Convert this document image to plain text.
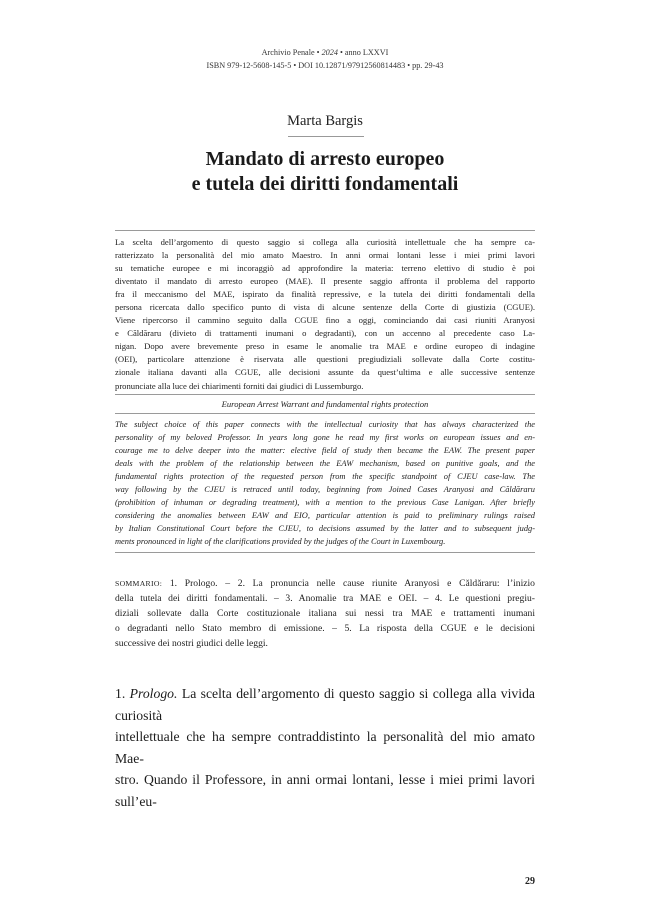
Archivio Penale • 2024 • anno LXXVI
ISBN 979-12-5608-145-5 • DOI 10.12871/97912560814483 • pp. 29-43
Marta Bargis
Mandato di arresto europeo
e tutela dei diritti fondamentali
La scelta dell’argomento di questo saggio si collega alla curiosità intellettuale che ha sempre ca-
ratterizzato la personalità del mio amato Maestro. In anni ormai lontani lesse i miei primi lavori
su tematiche europee e mi incoraggiò ad approfondire la materia: terreno elettivo di studio è poi
diventato il mandato di arresto europeo (MAE). Il presente saggio affronta il problema del rapporto
fra il meccanismo del MAE, ispirato da finalità repressive, e la tutela dei diritti fondamentali della
persona ricercata dallo specifico punto di vista di alcune sentenze della Corte di giustizia (CGUE).
Viene ripercorso il cammino seguito dalla CGUE fino a oggi, cominciando dai casi riuniti Aranyosi
e Căldăraru (divieto di trattamenti inumani o degradanti), con un accenno al precedente caso La-
nigan. Dopo avere brevemente preso in esame le anomalie tra MAE e ordine europeo di indagine
(OEI), particolare attenzione è riservata alle questioni pregiudiziali sollevate dalla Corte costitu-
zionale italiana davanti alla CGUE, alle decisioni assunte da quest’ultima e alle successive sentenze
pronunciate alla luce dei chiarimenti forniti dai giudici di Lussemburgo.
European Arrest Warrant and fundamental rights protection
The subject choice of this paper connects with the intellectual curiosity that has always characterized the
personality of my beloved Professor. In years long gone he read my first works on european issues and en-
courage me to delve deeper into the matter: elective field of study then became the EAW. The present paper
deals with the problem of the relationship between the EAW mechanism, based on punitive goals, and the
fundamental rights protection of the requested person from the specific standpoint of CJEU case-law. The
way following by the CJEU is retraced until today, beginning from Joined Cases Aranyosi and Căldăraru
(prohibition of inhuman or degrading treatment), with a mention to the previous Case Lanigan. After briefly
considering the anomalies between EAW and EIO, particular attention is paid to preliminary rulings raised
by Italian Constitutional Court before the CJEU, to decisions assumed by the latter and to subsequent judg-
ments pronounced in light of the clarifications provided by the judges of the Court in Luxembourg.
SOMMARIO: 1. Prologo. – 2. La pronuncia nelle cause riunite Aranyosi e Căldăraru: l’inizio
della tutela dei diritti fondamentali. – 3. Anomalie tra MAE e OEI. – 4. Le questioni pregiu-
diziali sollevate dalla Corte costituzionale italiana sui nessi tra MAE e trattamenti inumani
o degradanti nello Stato membro di emissione. – 5. La risposta della CGUE e le decisioni
successive dei nostri giudici delle leggi.
1. Prologo. La scelta dell’argomento di questo saggio si collega alla vivida curiosità
intellettuale che ha sempre contraddistinto la personalità del mio amato Mae-
stro. Quando il Professore, in anni ormai lontani, lesse i miei primi lavori sull’eu-
29
